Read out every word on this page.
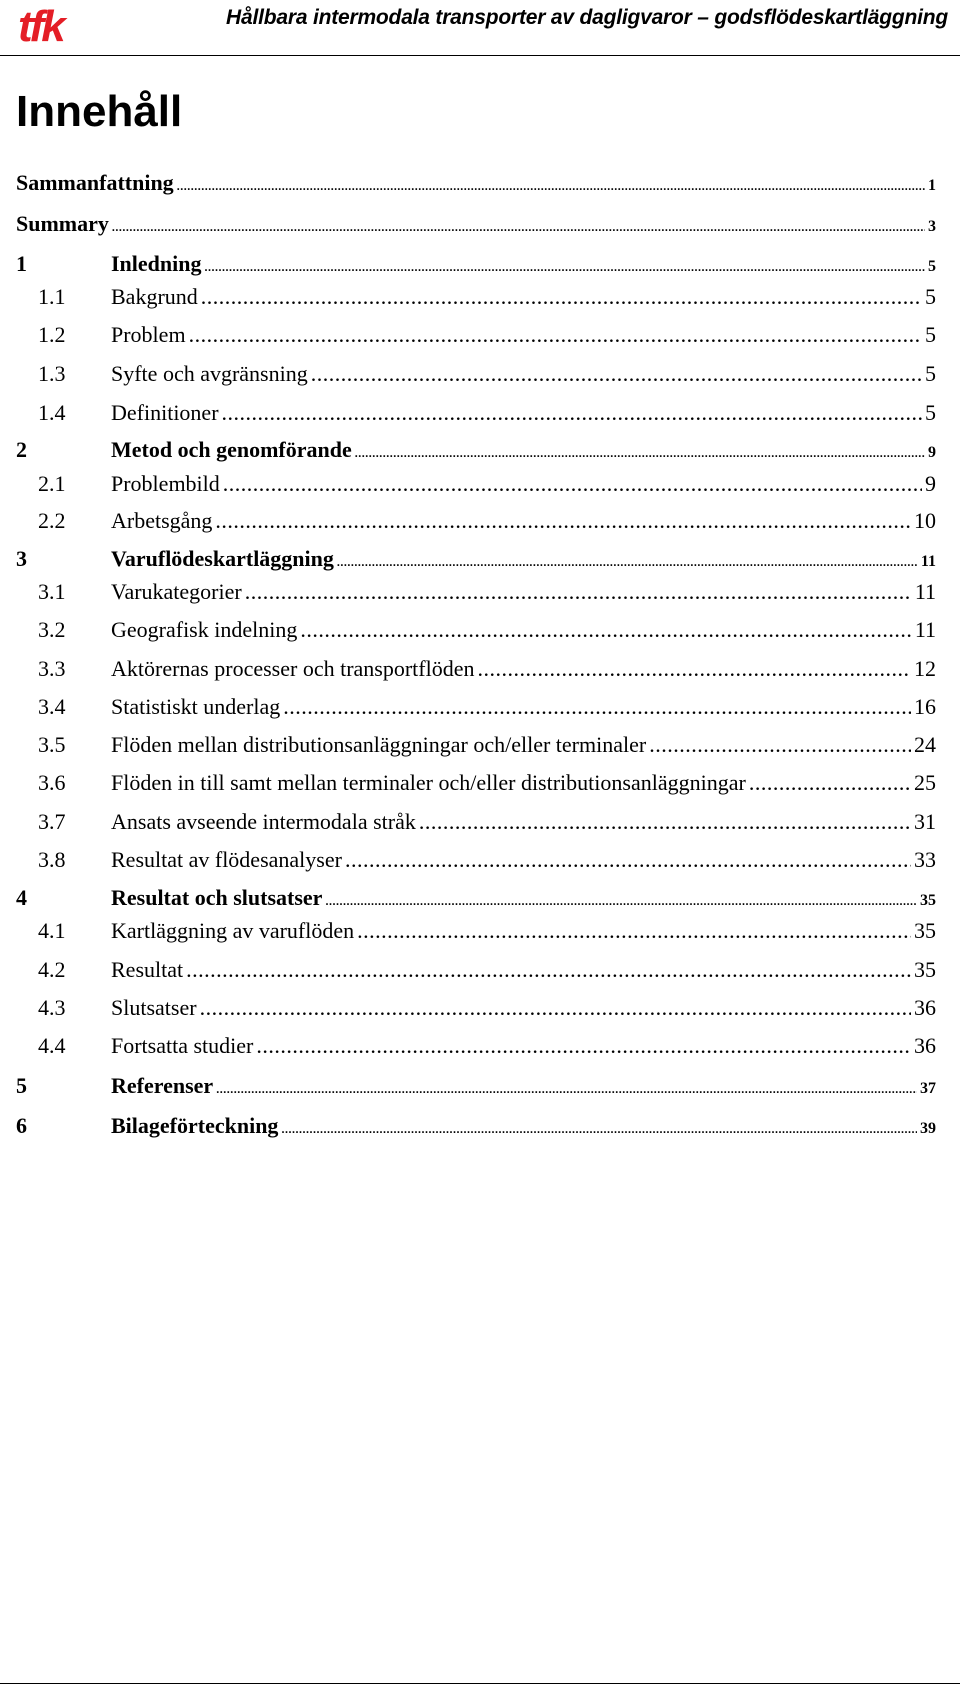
tfk	Hållbara intermodala transporter av dagligvaror – godsflödeskartläggning
Innehåll
Sammanfattning .....	1
Summary .....	3
1	Inledning .....	5
1.1	Bakgrund .....	5
1.2	Problem .....	5
1.3	Syfte och avgränsning .....	5
1.4	Definitioner .....	5
2	Metod och genomförande .....	9
2.1	Problembild .....	9
2.2	Arbetsgång .....	10
3	Varuflödeskartläggning .....	11
3.1	Varukategorier .....	11
3.2	Geografisk indelning .....	11
3.3	Aktörernas processer och transportflöden .....	12
3.4	Statistiskt underlag .....	16
3.5	Flöden mellan distributionsanläggningar och/eller terminaler .....	24
3.6	Flöden in till samt mellan terminaler och/eller distributionsanläggningar .....	25
3.7	Ansats avseende intermodala stråk .....	31
3.8	Resultat av flödesanalyser .....	33
4	Resultat och slutsatser .....	35
4.1	Kartläggning av varuflöden .....	35
4.2	Resultat .....	35
4.3	Slutsatser .....	36
4.4	Fortsatta studier .....	36
5	Referenser .....	37
6	Bilageförteckning .....	39
